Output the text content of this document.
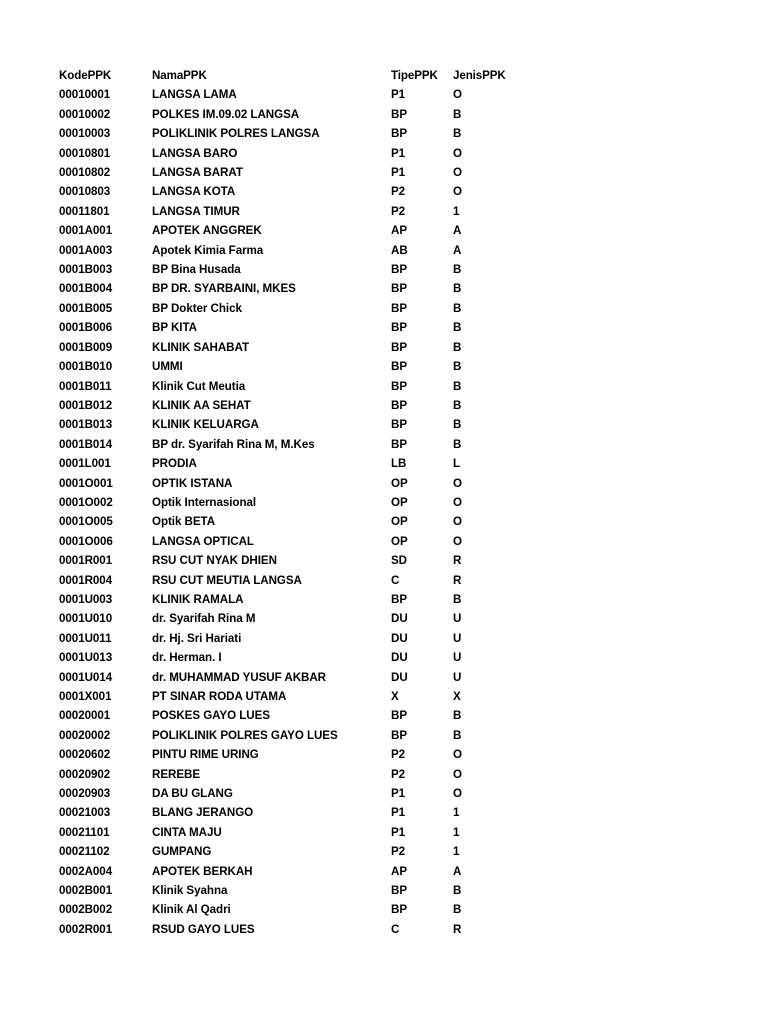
KodePPK	NamaPPK	TipePPK	JenisPPK
00010001	LANGSA LAMA	P1	O
00010002	POLKES IM.09.02 LANGSA	BP	B
00010003	POLIKLINIK POLRES LANGSA	BP	B
00010801	LANGSA BARO	P1	O
00010802	LANGSA BARAT	P1	O
00010803	LANGSA KOTA	P2	O
00011801	LANGSA TIMUR	P2	1
0001A001	APOTEK ANGGREK	AP	A
0001A003	Apotek Kimia Farma	AB	A
0001B003	BP Bina Husada	BP	B
0001B004	BP DR. SYARBAINI, MKES	BP	B
0001B005	BP Dokter Chick	BP	B
0001B006	BP KITA	BP	B
0001B009	KLINIK SAHABAT	BP	B
0001B010	UMMI	BP	B
0001B011	Klinik Cut Meutia	BP	B
0001B012	KLINIK AA SEHAT	BP	B
0001B013	KLINIK KELUARGA	BP	B
0001B014	BP dr. Syarifah Rina M, M.Kes	BP	B
0001L001	PRODIA	LB	L
0001O001	OPTIK ISTANA	OP	O
0001O002	Optik Internasional	OP	O
0001O005	Optik BETA	OP	O
0001O006	LANGSA OPTICAL	OP	O
0001R001	RSU CUT NYAK DHIEN	SD	R
0001R004	RSU CUT MEUTIA LANGSA	C	R
0001U003	KLINIK RAMALA	BP	B
0001U010	dr. Syarifah Rina M	DU	U
0001U011	dr. Hj. Sri Hariati	DU	U
0001U013	dr. Herman. I	DU	U
0001U014	dr. MUHAMMAD YUSUF AKBAR	DU	U
0001X001	PT SINAR RODA UTAMA	X	X
00020001	POSKES GAYO LUES	BP	B
00020002	POLIKLINIK POLRES GAYO LUES	BP	B
00020602	PINTU RIME URING	P2	O
00020902	REREBE	P2	O
00020903	DA BU GLANG	P1	O
00021003	BLANG JERANGO	P1	1
00021101	CINTA MAJU	P1	1
00021102	GUMPANG	P2	1
0002A004	APOTEK BERKAH	AP	A
0002B001	Klinik Syahna	BP	B
0002B002	Klinik Al Qadri	BP	B
0002R001	RSUD GAYO LUES	C	R
